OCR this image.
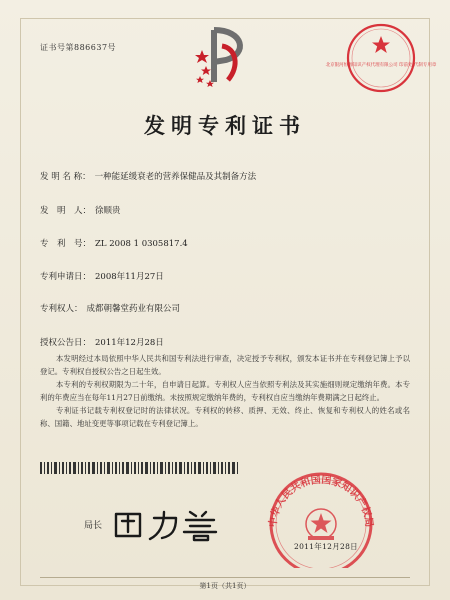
证书号第886637号
北京银河恒源知识产权代理有限公司 印前处 代制专用章
发明专利证书
发 明 名 称： 一种能延缓衰老的营养保健品及其制备方法
发　明　人： 徐顺贵
专　利　号： ZL 2008 1 0305817.4
专利申请日： 2008年11月27日
专利权人： 成都朝馨堂药业有限公司
授权公告日： 2011年12月28日

本发明经过本局依照中华人民共和国专利法进行审查，决定授予专利权，颁发本证书并在专利登记簿上予以登记。专利权自授权公告之日起生效。

本专利的专利权期限为二十年，自申请日起算。专利权人应当依照专利法及其实施细则规定缴纳年费。本专利的年费应当在每年11月27日前缴纳。未按照规定缴纳年费的，专利权自应当缴纳年费期满之日起终止。

专利证书记载专利权登记时的法律状况。专利权的转移、质押、无效、终止、恢复和专利权人的姓名或名称、国籍、地址变更等事项记载在专利登记簿上。

局长	中华人民共和国国家知识产权局
2011年12月28日
第1页（共1页）
